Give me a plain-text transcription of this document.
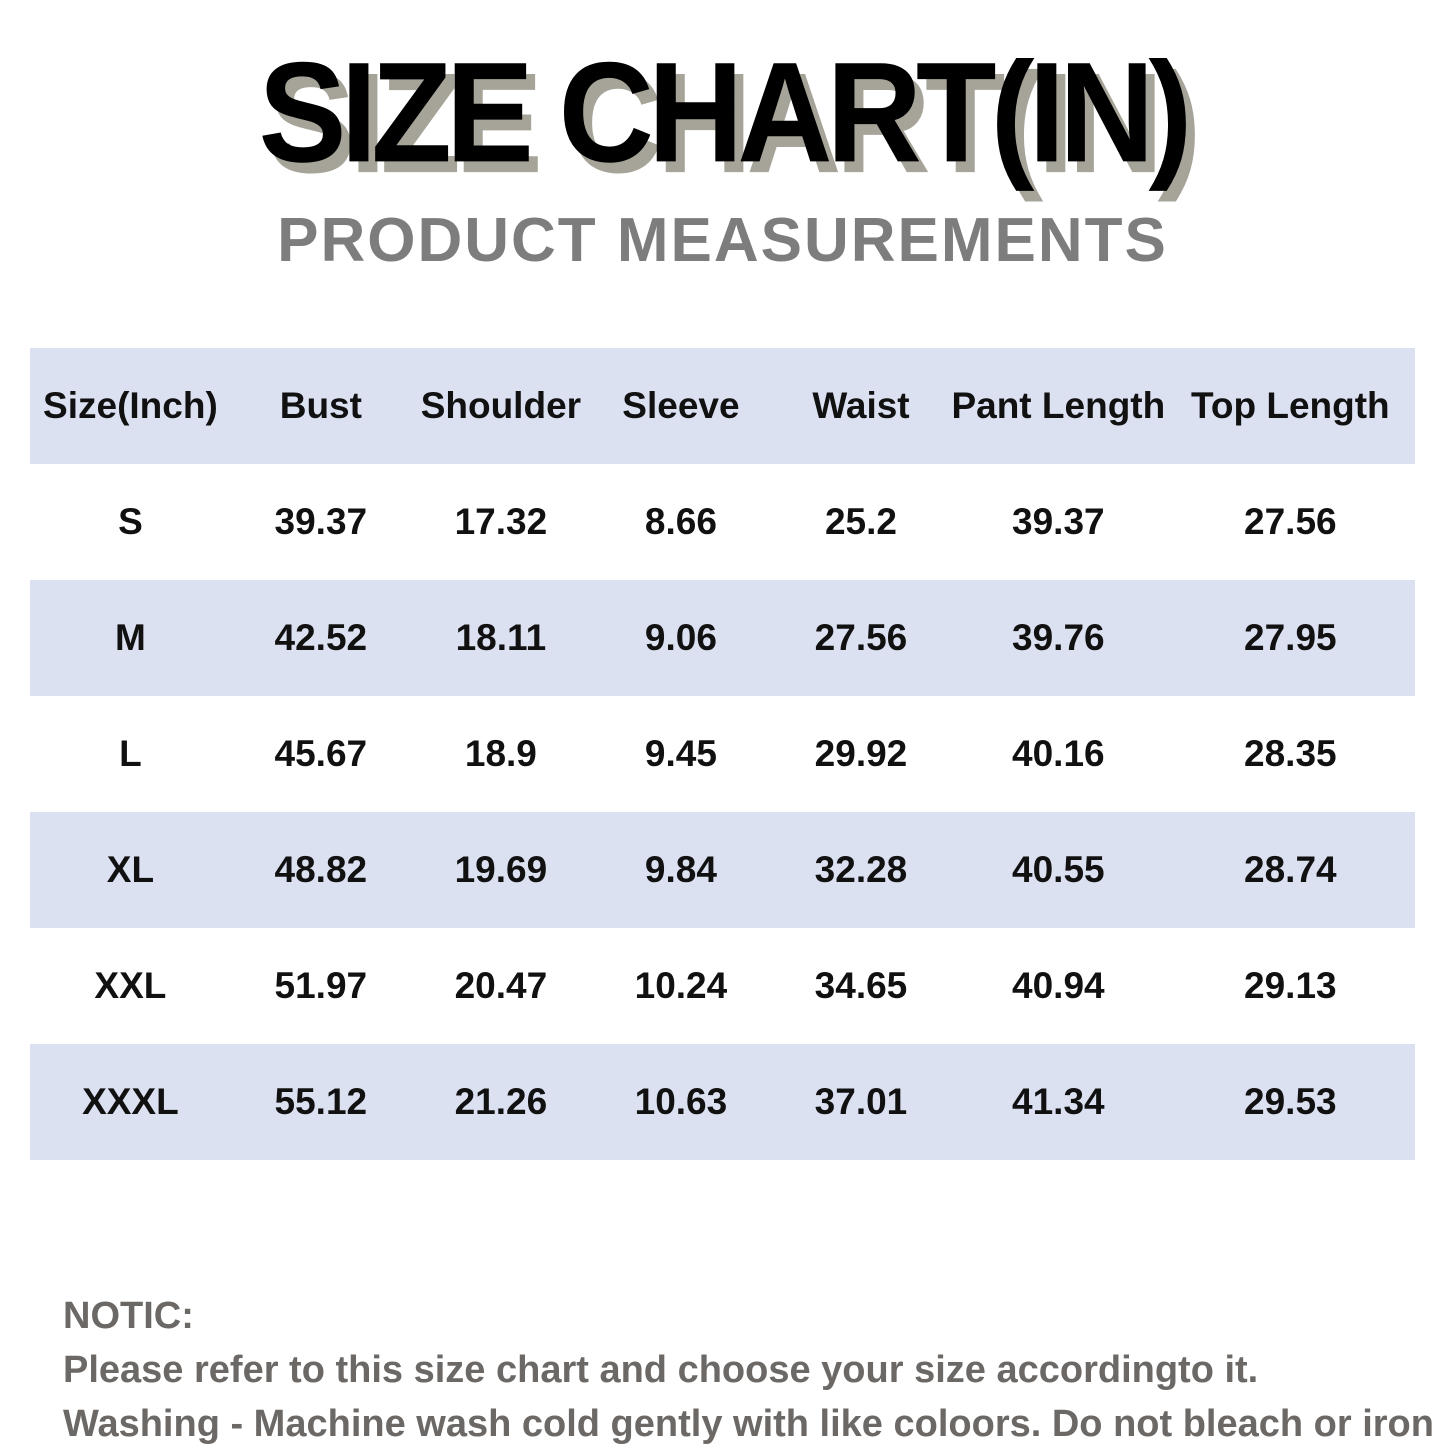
SIZE CHART(IN)
PRODUCT MEASUREMENTS
Size(Inch)	Bust	Shoulder	Sleeve	Waist	Pant Length	Top Length
S	39.37	17.32	8.66	25.2	39.37	27.56
M	42.52	18.11	9.06	27.56	39.76	27.95
L	45.67	18.9	9.45	29.92	40.16	28.35
XL	48.82	19.69	9.84	32.28	40.55	28.74
XXL	51.97	20.47	10.24	34.65	40.94	29.13
XXXL	55.12	21.26	10.63	37.01	41.34	29.53
NOTIC:
Please refer to this size chart and choose your size accordingto it.
Washing - Machine wash cold gently with like coloors. Do not bleach or iron
